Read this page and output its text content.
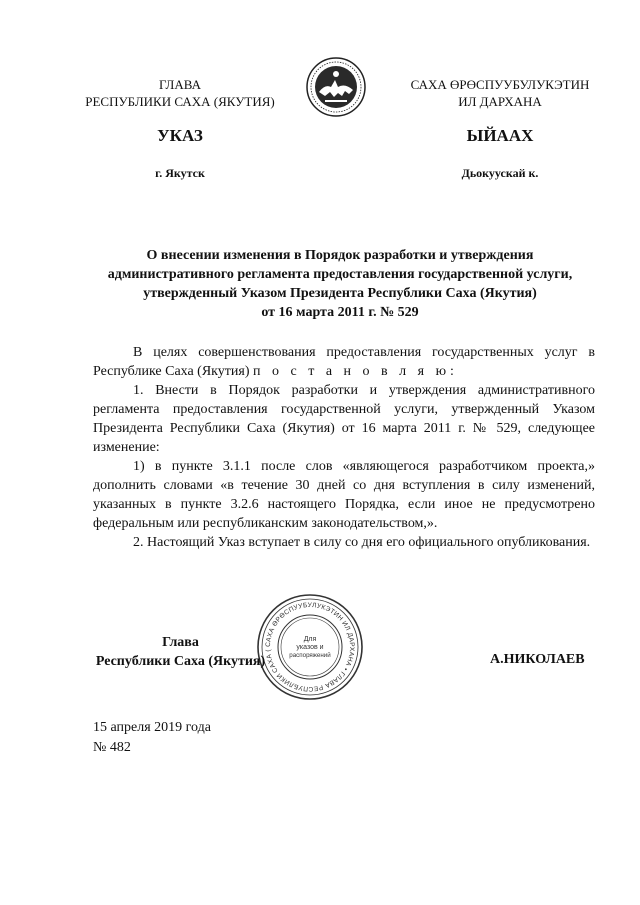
ГЛАВА
РЕСПУБЛИКИ САХА (ЯКУТИЯ)
САХА ӨРӨСПУУБУЛУКЭТИН
ИЛ ДАРХАНА
УКАЗ	ЫЙААХ
г. Якутск	Дьокуускай к.
О внесении изменения в Порядок разработки и утверждения
административного регламента предоставления государственной услуги,
утвержденный Указом Президента Республики Саха (Якутия)
от 16 марта 2011 г. № 529

В целях совершенствования предоставления государственных услуг в Республике Саха (Якутия) п о с т а н о в л я ю:

1. Внести в Порядок разработки и утверждения административного регламента предоставления государственной услуги, утвержденный Указом Президента Республики Саха (Якутия) от 16 марта 2011 г. № 529, следующее изменение:

1) в пункте 3.1.1 после слов «являющегося разработчиком проекта,» дополнить словами «в течение 30 дней со дня вступления в силу изменений, указанных в пункте 3.2.6 настоящего Порядка, если иное не предусмотрено федеральным или республиканским законодательством,».

2. Настоящий Указ вступает в силу со дня его официального опубликования.

САХА ӨРӨСПУУБУЛУКЭТИН ИЛ ДАРХАНА • ГЛАВА РЕСПУБЛИКИ САХА (
Для
указов и
распоряжений
Глава
Республики Саха (Якутия)	А.НИКОЛАЕВ
15 апреля 2019 года
№ 482
